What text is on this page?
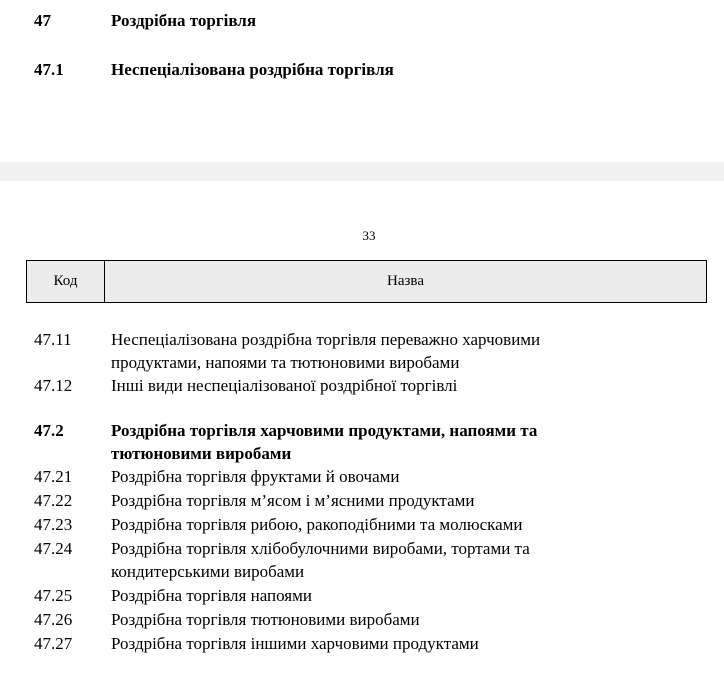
47	Роздрібна торгівля
47.1	Неспеціалізована роздрібна торгівля
33
Код	Назва
47.11	Неспеціалізована роздрібна торгівля переважно харчовими
продуктами, напоями та тютюновими виробами
47.12	Інші види неспеціалізованої роздрібної торгівлі
47.2	Роздрібна торгівля харчовими продуктами, напоями та
тютюновими виробами
47.21	Роздрібна торгівля фруктами й овочами
47.22	Роздрібна торгівля м’ясом і м’ясними продуктами
47.23	Роздрібна торгівля рибою, ракоподібними та молюсками
47.24	Роздрібна торгівля хлібобулочними виробами, тортами та
кондитерськими виробами
47.25	Роздрібна торгівля напоями
47.26	Роздрібна торгівля тютюновими виробами
47.27	Роздрібна торгівля іншими харчовими продуктами
